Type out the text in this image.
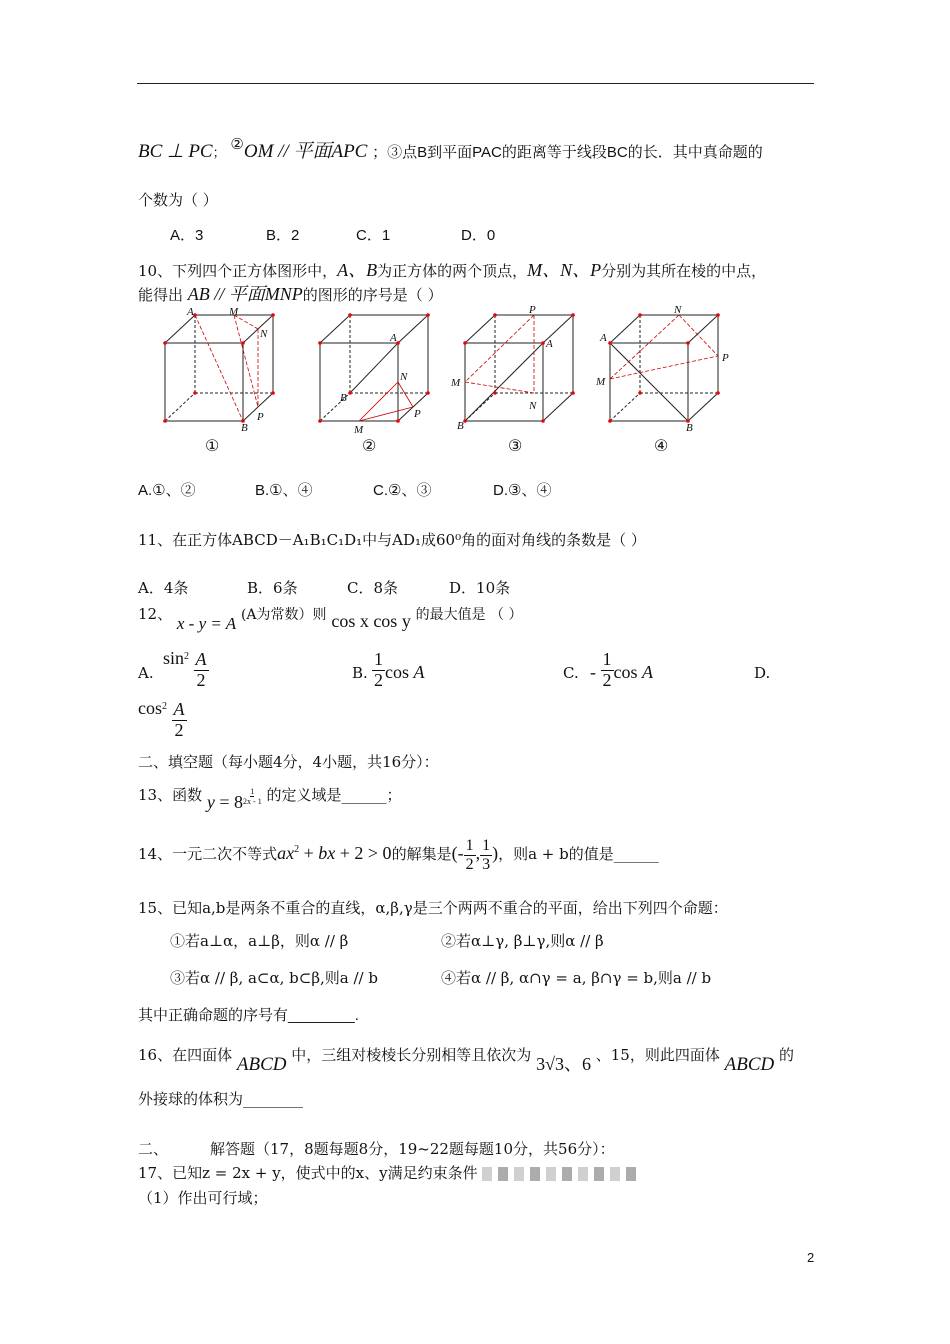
BC ⊥ PC； ②OM // 平面APC ；③点B到平面PAC的距离等于线段BC的长．其中真命题的
个数为（ ）
A．3	B．2	C．1	D．0
10、下列四个正方体图形中，A、B为正方体的两个顶点，M、N、P分别为其所在棱的中点，
能得出 AB // 平面MNP的图形的序号是（ ）
A	M
N
P
B
A
B
N
P
M
P
A
M
N
B
N
A
P
M
B
①	②	③	④
A.①、②	B.①、④	C.②、③	D.③、④
11、在正方体ABCD－A₁B₁C₁D₁中与AD₁成60⁰角的面对角线的条数是（ ）
A．4条	B．6条	C．8条	D．10条
12、 x - y = A (A为常数）则 cos x cos y 的最大值是 （ ）
A.
$\sin^2 \frac{A}{2}$	B. $\frac{1}{2}$ cos A	C. - $\frac{1}{2}$ cos A	D.
$\cos^2 \frac{A}{2}$
二、填空题（每小题4分，4小题，共16分）：
13、函数 $y = 8 \frac{1}{2x - 1}$ 的定义域是______；
14、一元二次不等式$ax^2$ + bx + 2 > 0的解集是(- $\frac{1}{2}$ , $\frac{1}{3}$ )，则a + b的值是______
15、已知a,b是两条不重合的直线，α,β,γ是三个两两不重合的平面，给出下列四个命题：
①若a⊥α，a⊥β，则α // β	②若α⊥γ, β⊥γ,则α // β
③若α // β, a⊂α, b⊂β,则a // b	④若α // β, α∩γ = a, β∩γ = b,则a // b
其中正确命题的序号有________.
16、在四面体 ABCD 中，三组对棱棱长分别相等且依次为 3√3、6 、15，则此四面体 ABCD 的
外接球的体积为________
二、	解答题（17，8题每题8分，19~22题每题10分，共56分）：
17、已知z = 2x + y，使式中的x、y满足约束条件
（1）作出可行域；
2
